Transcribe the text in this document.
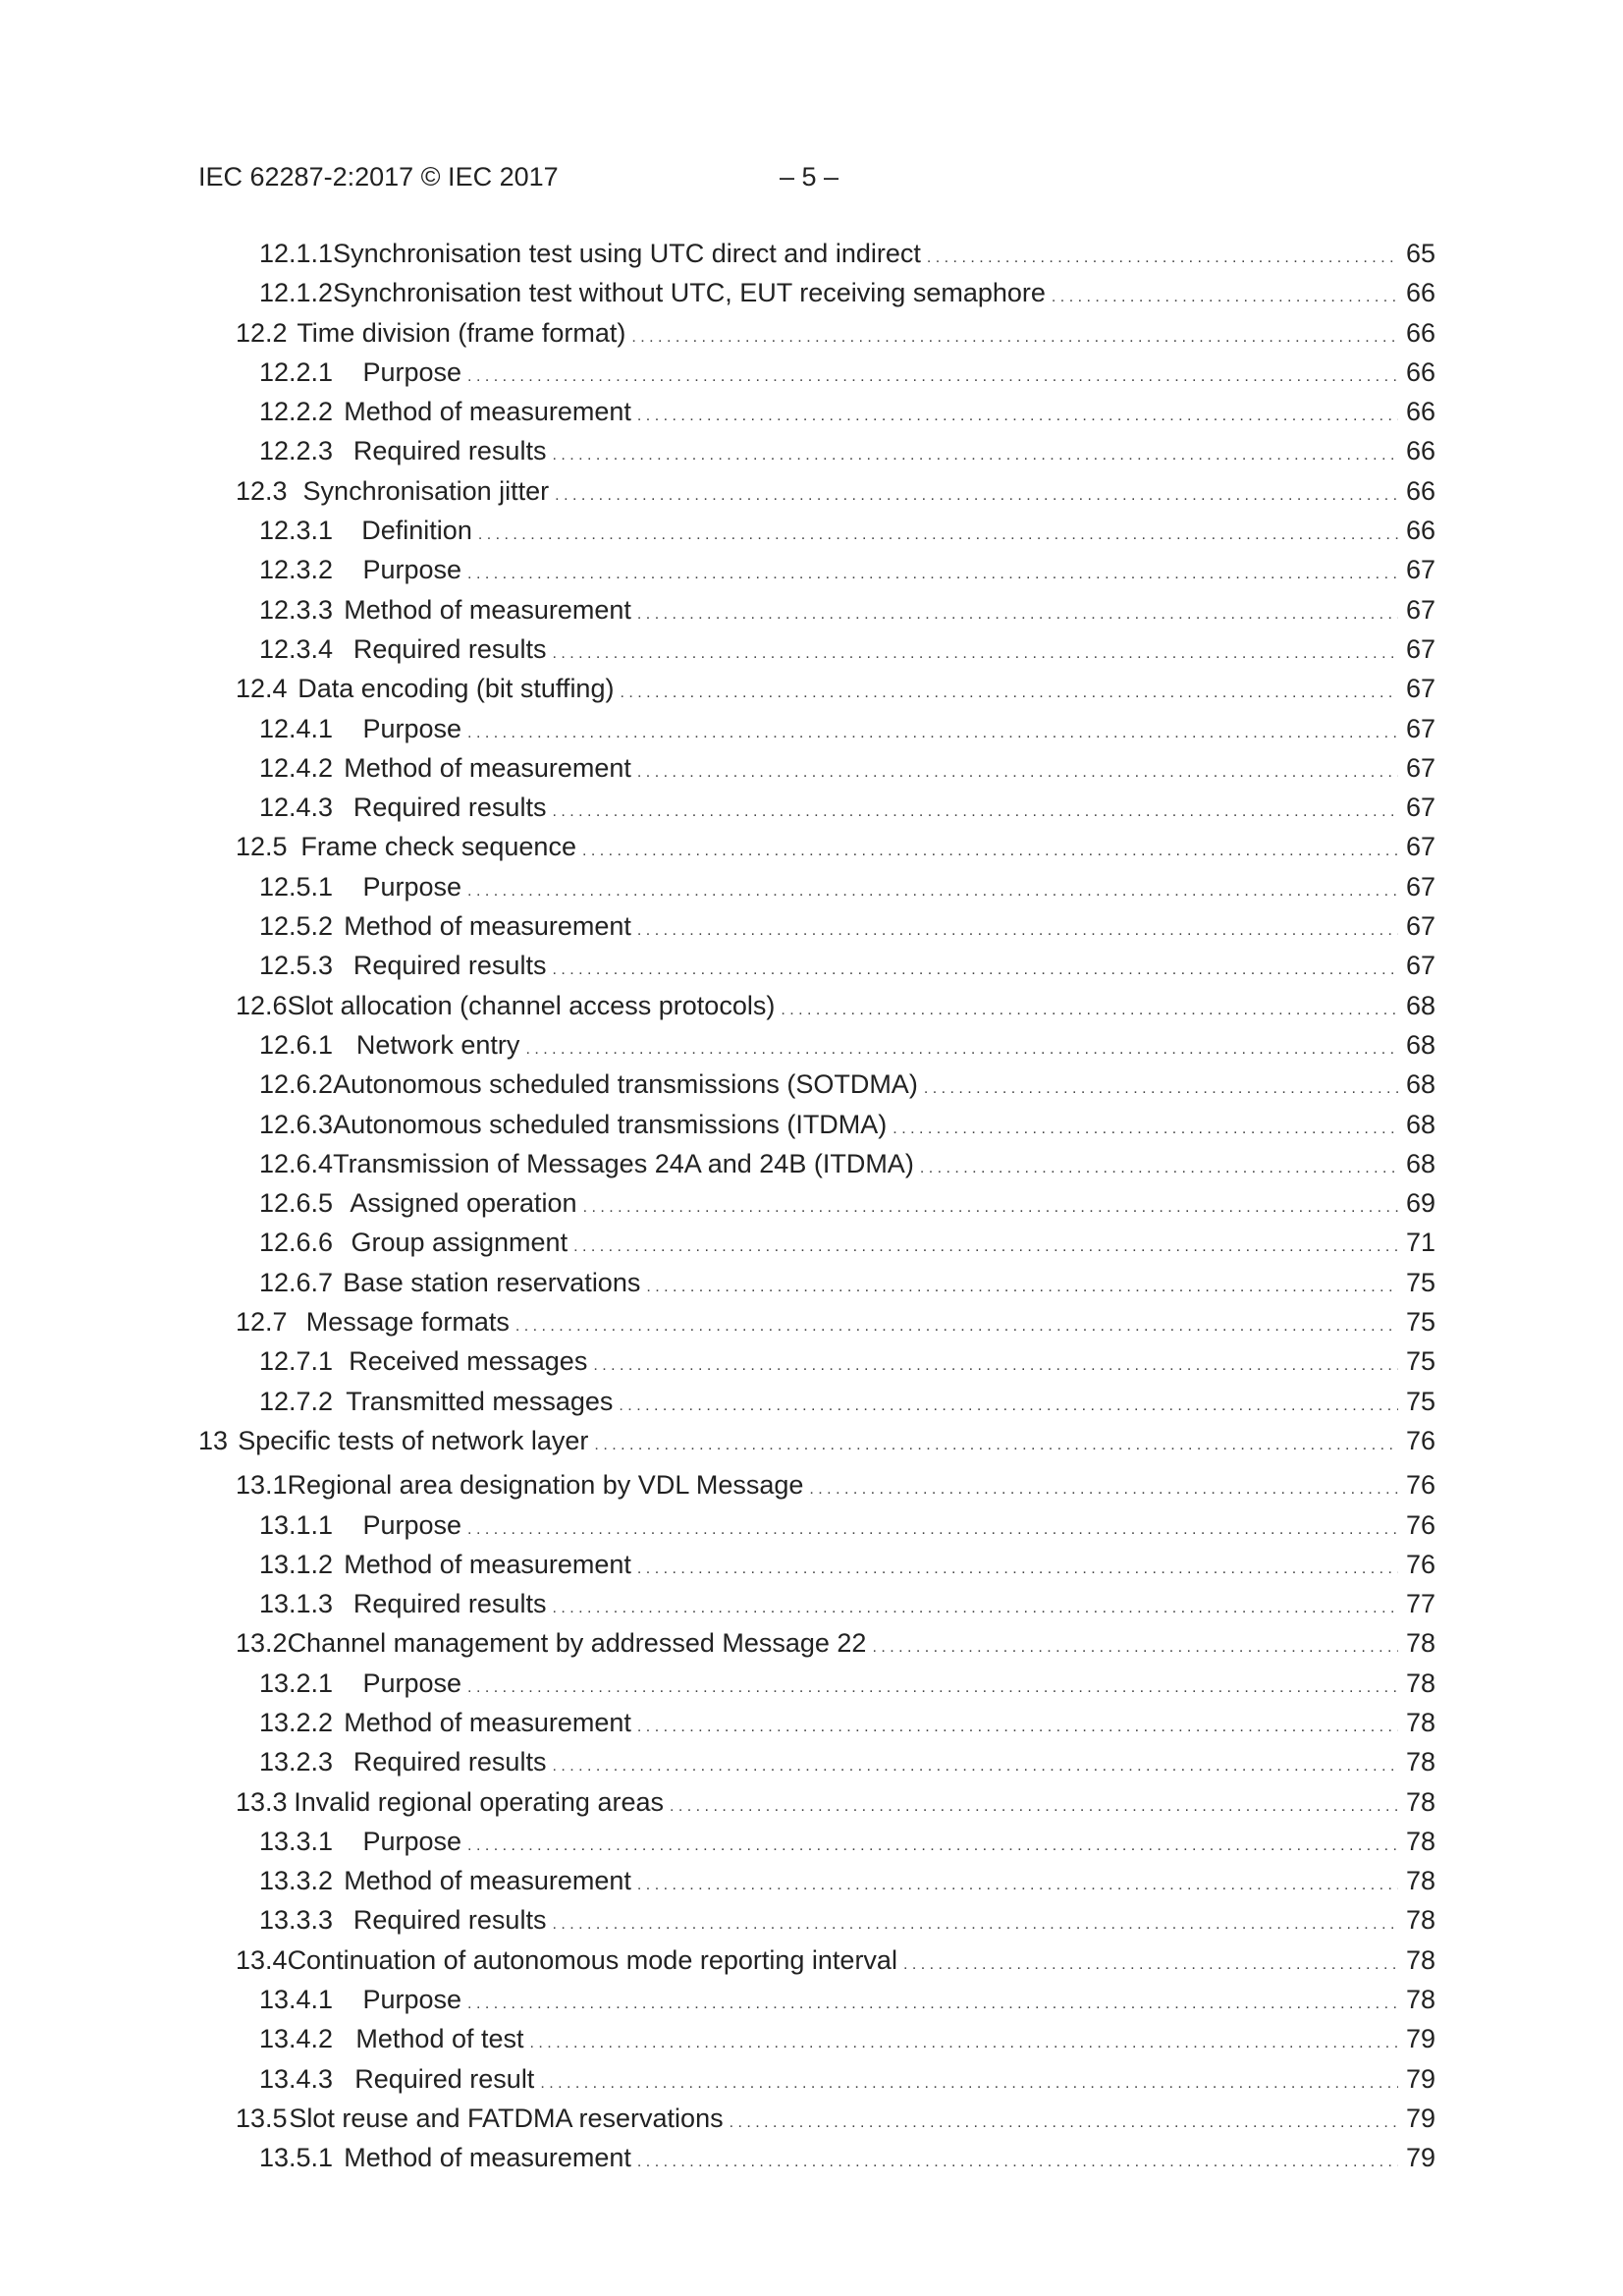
IEC 62287-2:2017 © IEC 2017	– 5 –
12.1.1 Synchronisation test using UTC direct and indirect . . .	65
12.1.2 Synchronisation test without UTC, EUT receiving semaphore . . .	66
12.2 Time division (frame format) . . .	66
12.2.1	Purpose . . .	66
12.2.2 Method of measurement . . .	66
12.2.3 Required results . . .	66
12.3 Synchronisation jitter . . .	66
12.3.1	Definition . . .	66
12.3.2	Purpose . . .	67
12.3.3 Method of measurement . . .	67
12.3.4 Required results . . .	67
12.4 Data encoding (bit stuffing) . . .	67
12.4.1	Purpose . . .	67
12.4.2 Method of measurement . . .	67
12.4.3 Required results . . .	67
12.5 Frame check sequence . . .	67
12.5.1	Purpose . . .	67
12.5.2 Method of measurement . . .	67
12.5.3 Required results . . .	67
12.6 Slot allocation (channel access protocols) . . .	68
12.6.1 Network entry . . .	68
12.6.2 Autonomous scheduled transmissions (SOTDMA) . . .	68
12.6.3 Autonomous scheduled transmissions (ITDMA) . . .	68
12.6.4 Transmission of Messages 24A and 24B (ITDMA) . . .	68
12.6.5 Assigned operation . . .	69
12.6.6 Group assignment . . .	71
12.6.7 Base station reservations . . .	75
12.7 Message formats . . .	75
12.7.1 Received messages . . .	75
12.7.2 Transmitted messages . . .	75
13 Specific tests of network layer . . .	76
13.1 Regional area designation by VDL Message . . .	76
13.1.1	Purpose . . .	76
13.1.2 Method of measurement . . .	76
13.1.3 Required results . . .	77
13.2 Channel management by addressed Message 22 . . .	78
13.2.1	Purpose . . .	78
13.2.2 Method of measurement . . .	78
13.2.3 Required results . . .	78
13.3 Invalid regional operating areas . . .	78
13.3.1	Purpose . . .	78
13.3.2 Method of measurement . . .	78
13.3.3 Required results . . .	78
13.4 Continuation of autonomous mode reporting interval . . .	78
13.4.1	Purpose . . .	78
13.4.2 Method of test . . .	79
13.4.3 Required result . . .	79
13.5 Slot reuse and FATDMA reservations . . .	79
13.5.1 Method of measurement . . .	79
